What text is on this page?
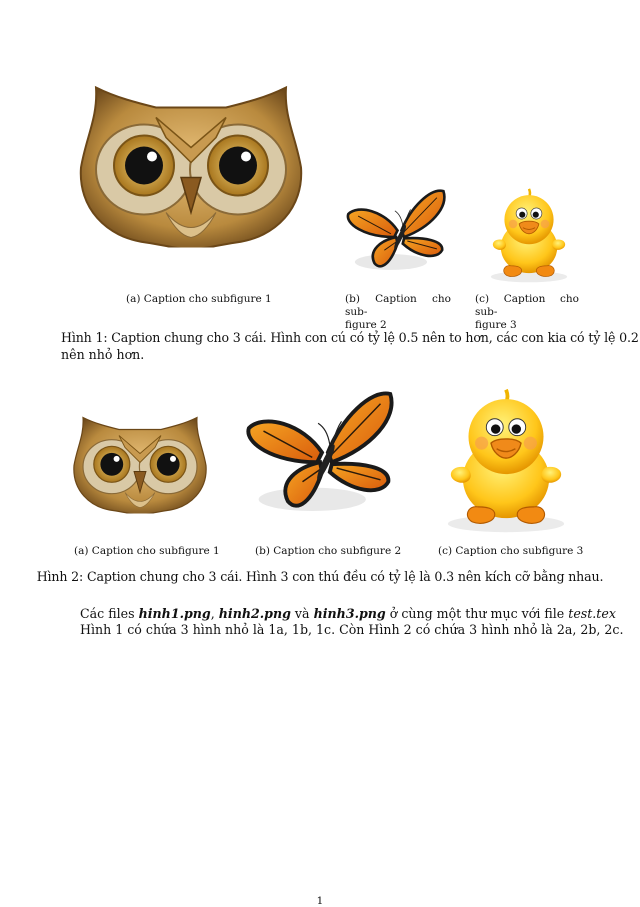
(a) Caption cho subfigure 1	(b) Caption cho sub-
figure 2
(c) Caption cho sub-
figure 3
Hình 1: Caption chung cho 3 cái. Hình con cú có tỷ lệ 0.5 nên to hơn, các con kia có tỷ lệ 0.2
nên nhỏ hơn.
(a) Caption cho subfigure 1	(b) Caption cho subfigure 2	(c) Caption cho subfigure 3
Hình 2: Caption chung cho 3 cái. Hình 3 con thú đều có tỷ lệ là 0.3 nên kích cỡ bằng nhau.
Các files hinh1.png, hinh2.png và hinh3.png ở cùng một thư mục với file test.tex
Hình 1 có chứa 3 hình nhỏ là 1a, 1b, 1c. Còn Hình 2 có chứa 3 hình nhỏ là 2a, 2b, 2c.
1
